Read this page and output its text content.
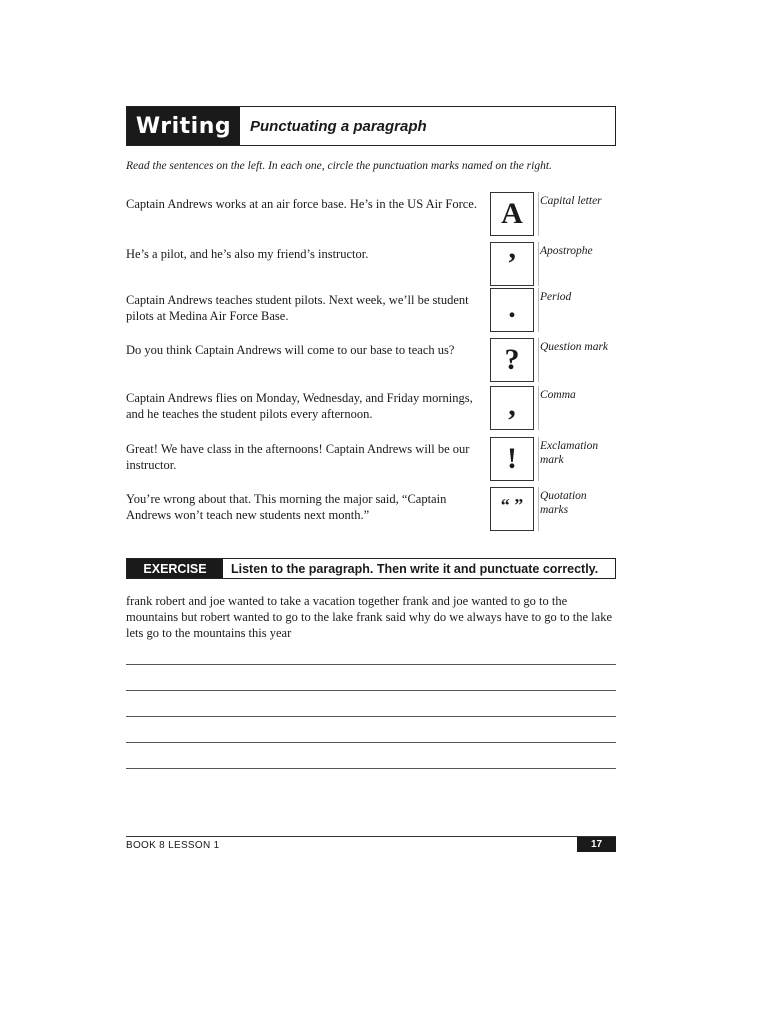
Writing	Punctuating a paragraph
Read the sentences on the left. In each one, circle the punctuation marks named on the right.
Captain Andrews works at an air force base. He’s in the US Air Force. A	Capital letter
He’s a pilot, and he’s also my friend’s instructor.	’	Apostrophe
Captain Andrews teaches student pilots. Next week, we’ll be student pilots at Medina Air Force Base.	.	Period
Do you think Captain Andrews will come to our base to teach us?	?	Question mark
Captain Andrews flies on Monday, Wednesday, and Friday mornings, and he teaches the student pilots every afternoon.	,	Comma
Great! We have class in the afternoons! Captain Andrews will be our instructor.	!	Exclamation mark
You’re wrong about that. This morning the major said, “Captain Andrews won’t teach new students next month.”	“ ”	Quotation marks
EXERCISE	Listen to the paragraph. Then write it and punctuate correctly.
frank robert and joe wanted to take a vacation together frank and joe wanted to go to the mountains but robert wanted to go to the lake frank said why do we always have to go to the lake lets go to the mountains this year
BOOK 8 LESSON 1	17
